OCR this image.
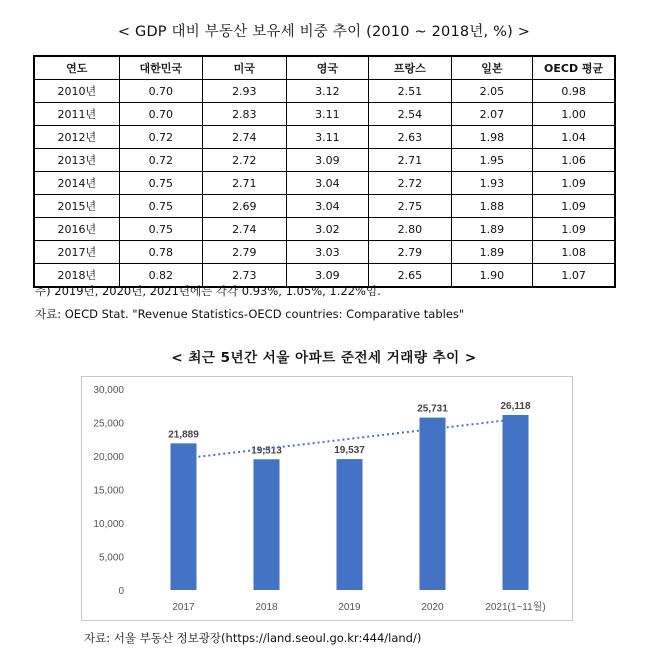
< GDP 대비 부동산 보유세 비중 추이 (2010 ~ 2018년, %) >
연도	대한민국	미국	영국	프랑스	일본	OECD 평균
2010년	0.70	2.93	3.12	2.51	2.05	0.98
2011년	0.70	2.83	3.11	2.54	2.07	1.00
2012년	0.72	2.74	3.11	2.63	1.98	1.04
2013년	0.72	2.72	3.09	2.71	1.95	1.06
2014년	0.75	2.71	3.04	2.72	1.93	1.09
2015년	0.75	2.69	3.04	2.75	1.88	1.09
2016년	0.75	2.74	3.02	2.80	1.89	1.09
2017년	0.78	2.79	3.03	2.79	1.89	1.08
2018년	0.82	2.73	3.09	2.65	1.90	1.07
주) 2019년, 2020년, 2021년에는 각각 0.93%, 1.05%, 1.22%임.
자료: OECD Stat. "Revenue Statistics-OECD countries: Comparative tables"
< 최근 5년간 서울 아파트 준전세 거래량 추이 >
0
5,000
10,000
15,000
20,000
25,000
30,000
21,889
2017
19,513
2018
19,537
2019
25,731
2020
26,118
2021(1~11월)
자료: 서울 부동산 정보광장(https://land.seoul.go.kr:444/land/)
